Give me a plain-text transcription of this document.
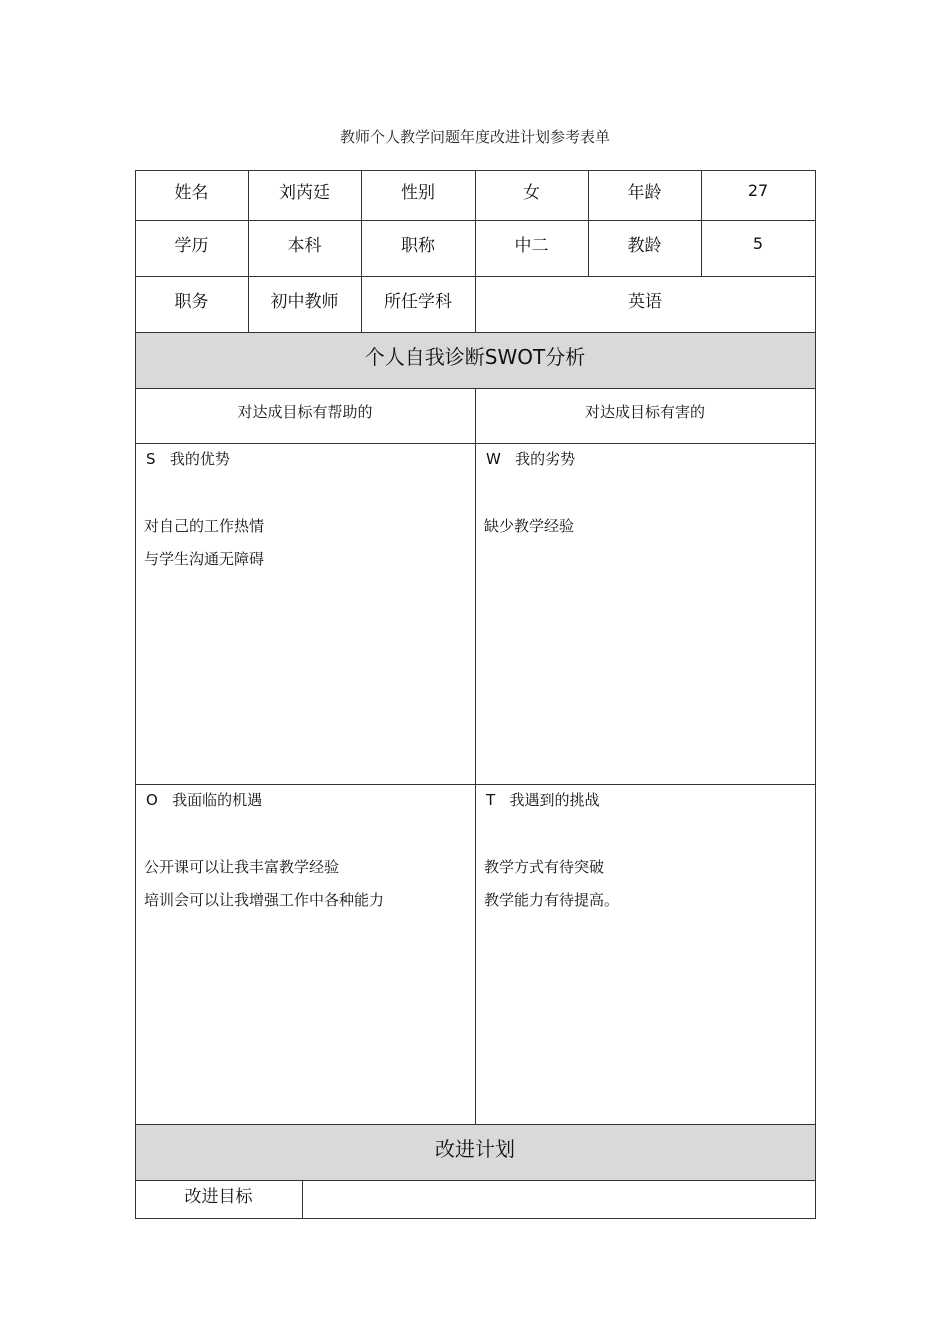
教师个人教学问题年度改进计划参考表单
姓名	刘芮廷	性别	女	年龄	27
学历	本科	职称	中二	教龄	5
职务	初中教师	所任学科	英语
个人自我诊断SWOT分析
对达成目标有帮助的	对达成目标有害的
S 我的优势
对自己的工作热情
与学生沟通无障碍
W 我的劣势
缺少教学经验
O 我面临的机遇
公开课可以让我丰富教学经验
培训会可以让我增强工作中各种能力
T 我遇到的挑战
教学方式有待突破
教学能力有待提高。
改进计划
改进目标
